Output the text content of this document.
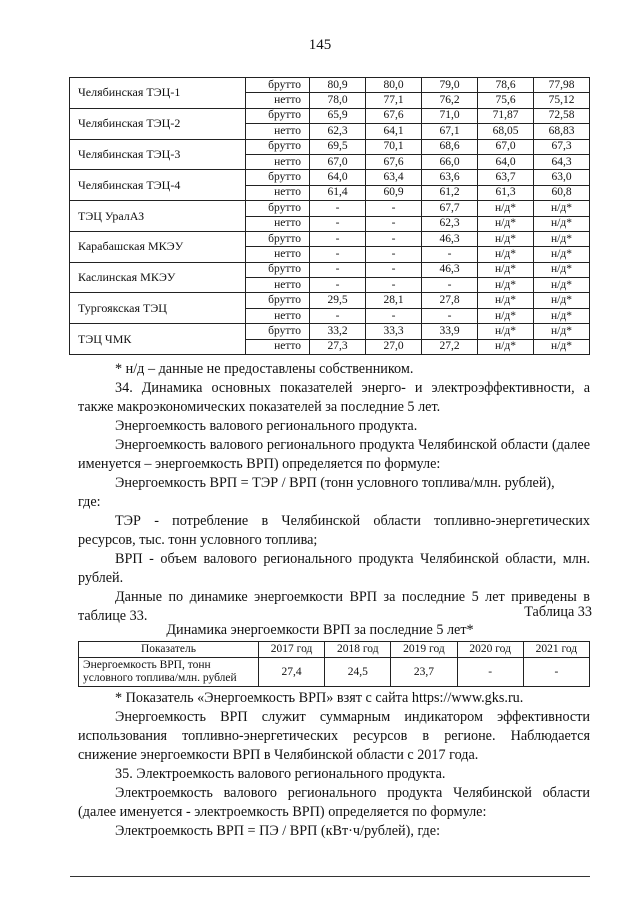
145
Челябинская ТЭЦ-1	брутто	80,9	80,0	79,0	78,6	77,98
	нетто	78,0	77,1	76,2	75,6	75,12
Челябинская ТЭЦ-2	брутто	65,9	67,6	71,0	71,87	72,58
	нетто	62,3	64,1	67,1	68,05	68,83
Челябинская ТЭЦ-3	брутто	69,5	70,1	68,6	67,0	67,3
	нетто	67,0	67,6	66,0	64,0	64,3
Челябинская ТЭЦ-4	брутто	64,0	63,4	63,6	63,7	63,0
	нетто	61,4	60,9	61,2	61,3	60,8
ТЭЦ УралАЗ	брутто	-	-	67,7	н/д*	н/д*
	нетто	-	-	62,3	н/д*	н/д*
Карабашская МКЭУ	брутто	-	-	46,3	н/д*	н/д*
	нетто	-	-	-	н/д*	н/д*
Каслинская МКЭУ	брутто	-	-	46,3	н/д*	н/д*
	нетто	-	-	-	н/д*	н/д*
Тургоякская ТЭЦ	брутто	29,5	28,1	27,8	н/д*	н/д*
	нетто	-	-	-	н/д*	н/д*
ТЭЦ ЧМК	брутто	33,2	33,3	33,9	н/д*	н/д*
	нетто	27,3	27,0	27,2	н/д*	н/д*

* н/д – данные не предоставлены собственником.

34. Динамика основных показателей энерго- и электроэффективности, а также макроэкономических показателей за последние 5 лет.

Энергоемкость валового регионального продукта.

Энергоемкость валового регионального продукта Челябинской области (далее именуется – энергоемкость ВРП) определяется по формуле:

Энергоемкость ВРП = ТЭР / ВРП (тонн условного топлива/млн. рублей),

где:

ТЭР - потребление в Челябинской области топливно-энергетических ресурсов, тыс. тонн условного топлива;

ВРП - объем валового регионального продукта Челябинской области, млн. рублей.

Данные по динамике энергоемкости ВРП за последние 5 лет приведены в таблице 33.	Таблица 33
Динамика энергоемкости ВРП за последние 5 лет*
Показатель	2017 год	2018 год	2019 год	2020 год	2021 год
Энергоемкость ВРП, тонн
условного топлива/млн. рублей	27,4	24,5	23,7	-	-

* Показатель «Энергоемкость ВРП» взят с сайта https://www.gks.ru.

Энергоемкость ВРП служит суммарным индикатором эффективности использования топливно-энергетических ресурсов в регионе. Наблюдается снижение энергоемкости ВРП в Челябинской области с 2017 года.

35. Электроемкость валового регионального продукта.

Электроемкость валового регионального продукта Челябинской области (далее именуется - электроемкость ВРП) определяется по формуле:

Электроемкость ВРП = ПЭ / ВРП (кВт·ч/рублей), где:
